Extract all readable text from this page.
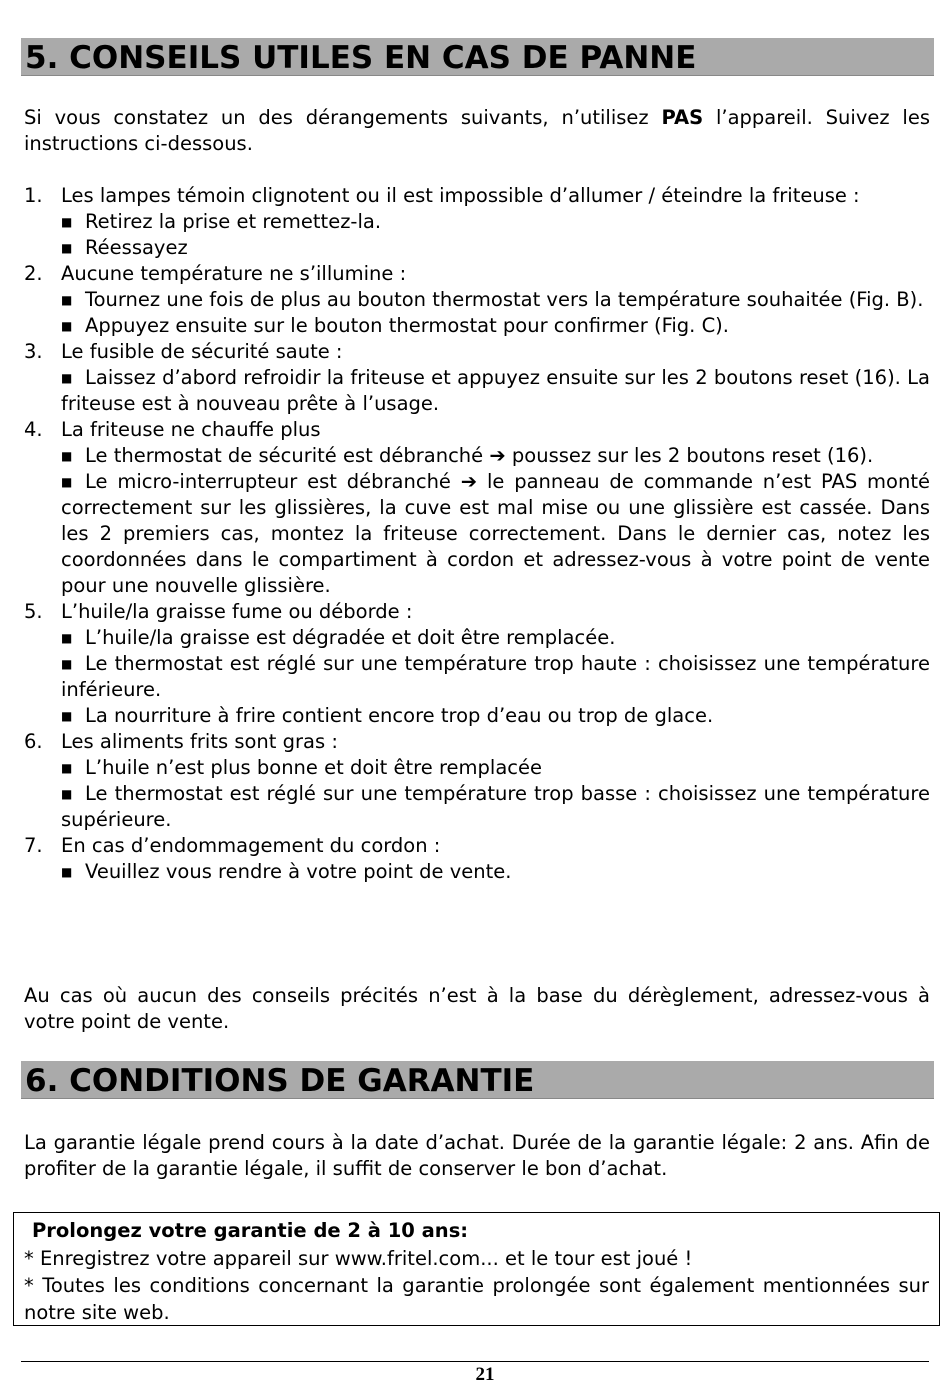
5. CONSEILS UTILES EN CAS DE PANNE

Si vous constatez un des dérangements suivants, n’utilisez PAS l’appareil. Suivez les instructions ci-dessous.

1. Les lampes témoin clignotent ou il est impossible d’allumer / éteindre la friteuse :
■ Retirez la prise et remettez-la.
■ Réessayez
2. Aucune température ne s’illumine :
■ Tournez une fois de plus au bouton thermostat vers la température souhaitée (Fig. B).
■ Appuyez ensuite sur le bouton thermostat pour confirmer (Fig. C).
3. Le fusible de sécurité saute :
■ Laissez d’abord refroidir la friteuse et appuyez ensuite sur les 2 boutons reset (16). La friteuse est à nouveau prête à l’usage.
4. La friteuse ne chauffe plus
■ Le thermostat de sécurité est débranché ➔ poussez sur les 2 boutons reset (16).
■ Le micro-interrupteur est débranché ➔ le panneau de commande n’est PAS monté correctement sur les glissières, la cuve est mal mise ou une glissière est cassée. Dans les 2 premiers cas, montez la friteuse correctement. Dans le dernier cas, notez les coordonnées dans le compartiment à cordon et adressez-vous à votre point de vente pour une nouvelle glissière.
5. L’huile/la graisse fume ou déborde :
■ L’huile/la graisse est dégradée et doit être remplacée.
■ Le thermostat est réglé sur une température trop haute : choisissez une température inférieure.
■ La nourriture à frire contient encore trop d’eau ou trop de glace.
6. Les aliments frits sont gras :
■ L’huile n’est plus bonne et doit être remplacée
■ Le thermostat est réglé sur une température trop basse : choisissez une température supérieure.
7. En cas d’endommagement du cordon :
■ Veuillez vous rendre à votre point de vente.

Au cas où aucun des conseils précités n’est à la base du dérèglement, adressez-vous à votre point de vente.

6. CONDITIONS DE GARANTIE

La garantie légale prend cours à la date d’achat. Durée de la garantie légale: 2 ans. Afin de profiter de la garantie légale, il suffit de conserver le bon d’achat.

Prolongez votre garantie de 2 à 10 ans:
* Enregistrez votre appareil sur www.fritel.com... et le tour est joué !
* Toutes les conditions concernant la garantie prolongée sont également mentionnées sur notre site web.
21
